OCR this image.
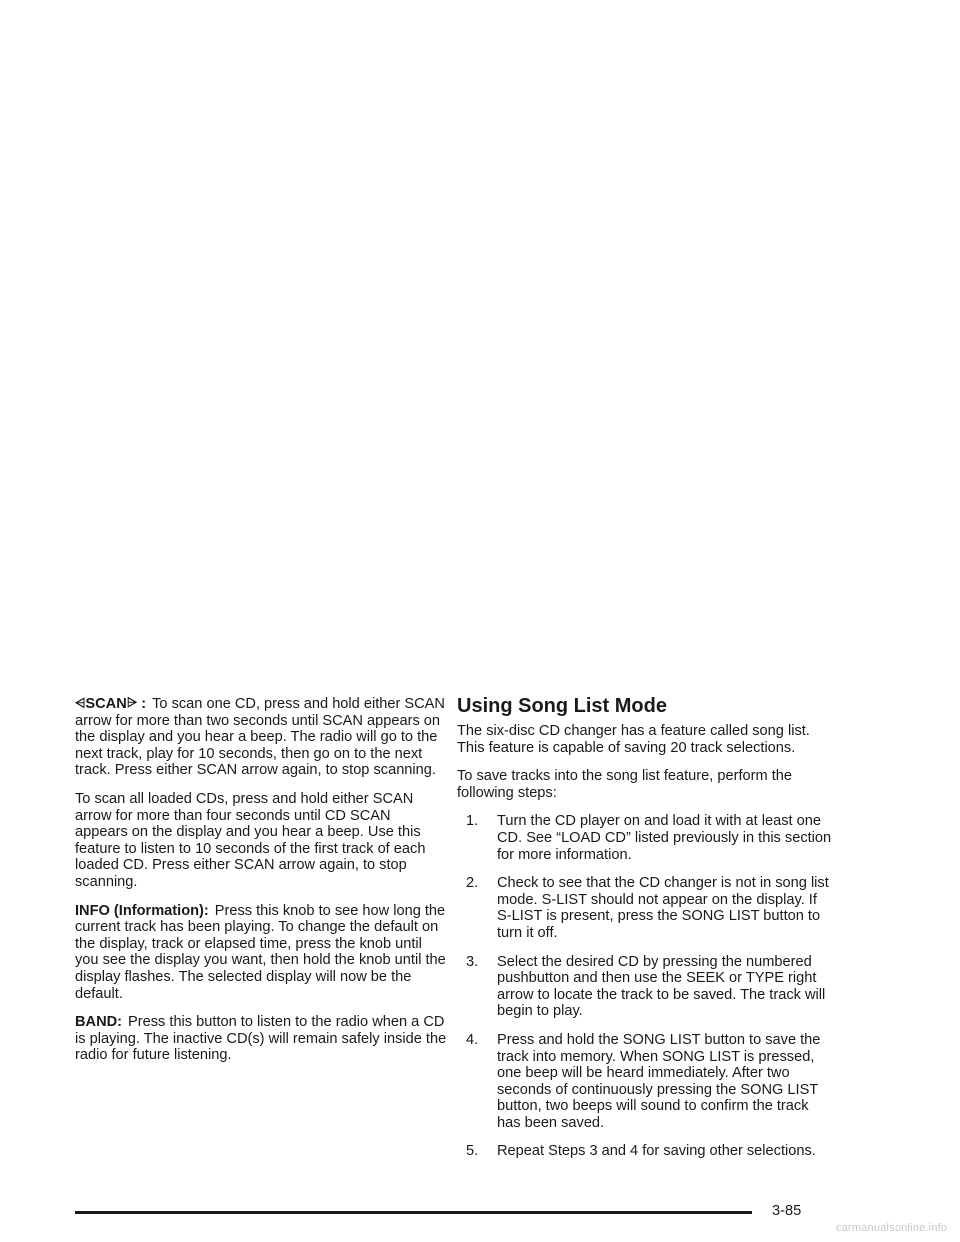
⩤SCAN⩥ : To scan one CD, press and hold either SCAN arrow for more than two seconds until SCAN appears on the display and you hear a beep. The radio will go to the next track, play for 10 seconds, then go on to the next track. Press either SCAN arrow again, to stop scanning.

To scan all loaded CDs, press and hold either SCAN arrow for more than four seconds until CD SCAN appears on the display and you hear a beep. Use this feature to listen to 10 seconds of the first track of each loaded CD. Press either SCAN arrow again, to stop scanning.

INFO (Information): Press this knob to see how long the current track has been playing. To change the default on the display, track or elapsed time, press the knob until you see the display you want, then hold the knob until the display flashes. The selected display will now be the default.

BAND: Press this button to listen to the radio when a CD is playing. The inactive CD(s) will remain safely inside the radio for future listening.

Using Song List Mode

The six-disc CD changer has a feature called song list. This feature is capable of saving 20 track selections.

To save tracks into the song list feature, perform the following steps:

1. Turn the CD player on and load it with at least one CD. See “LOAD CD” listed previously in this section for more information.
2. Check to see that the CD changer is not in song list mode. S-LIST should not appear on the display. If S-LIST is present, press the SONG LIST button to turn it off.
3. Select the desired CD by pressing the numbered pushbutton and then use the SEEK or TYPE right arrow to locate the track to be saved. The track will begin to play.
4. Press and hold the SONG LIST button to save the track into memory. When SONG LIST is pressed, one beep will be heard immediately. After two seconds of continuously pressing the SONG LIST button, two beeps will sound to confirm the track has been saved.
5. Repeat Steps 3 and 4 for saving other selections.
3-85
carmanualsonline.info
